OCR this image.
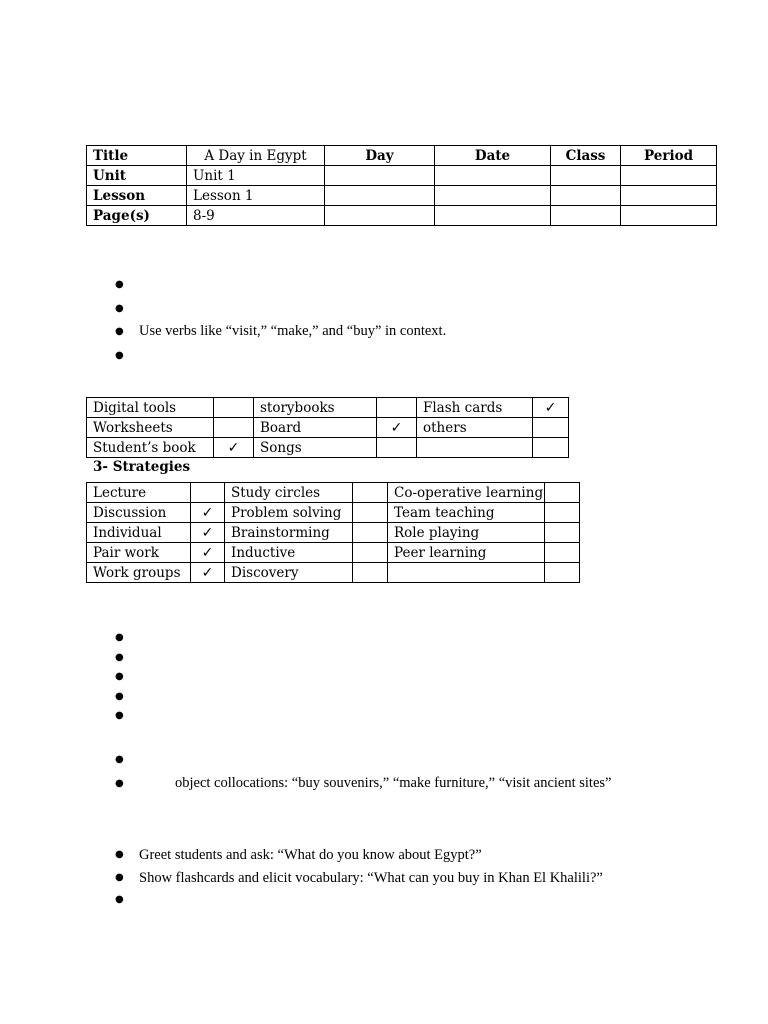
Title	A Day in Egypt	Day	Date	Class	Period
Unit	Unit 1				
Lesson	Lesson 1				
Page(s)	8-9				
●
●
● Use verbs like “visit,” “make,” and “buy” in context.
●
Digital tools		storybooks		Flash cards	✓
Worksheets		Board	✓	others	
Student’s book	✓	Songs			
3- Strategies
Lecture		Study circles		Co-operative learning	
Discussion	✓	Problem solving		Team teaching	
Individual	✓	Brainstorming		Role playing	
Pair work	✓	Inductive		Peer learning	
Work groups	✓	Discovery			
●
●
●
●
●
●
●	object collocations: “buy souvenirs,” “make furniture,” “visit ancient sites”
● Greet students and ask: “What do you know about Egypt?”
● Show flashcards and elicit vocabulary: “What can you buy in Khan El Khalili?”
●
